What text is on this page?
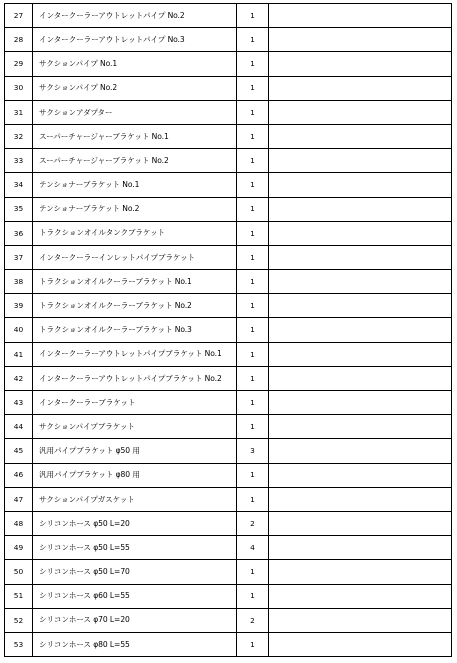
27	インタークーラーアウトレットパイプ No.2	1	
28	インタークーラーアウトレットパイプ No.3	1	
29	サクションパイプ No.1	1	
30	サクションパイプ No.2	1	
31	サクションアダプター	1	
32	スーパーチャージャーブラケット No.1	1	
33	スーパーチャージャーブラケット No.2	1	
34	テンショナーブラケット No.1	1	
35	テンショナーブラケット No.2	1	
36	トラクションオイルタンクブラケット	1	
37	インタークーラーインレットパイプブラケット	1	
38	トラクションオイルクーラーブラケット No.1	1	
39	トラクションオイルクーラーブラケット No.2	1	
40	トラクションオイルクーラーブラケット No.3	1	
41	インタークーラーアウトレットパイプブラケット No.1	1	
42	インタークーラーアウトレットパイプブラケット No.2	1	
43	インタークーラーブラケット	1	
44	サクションパイプブラケット	1	
45	汎用パイプブラケット φ50 用	3	
46	汎用パイプブラケット φ80 用	1	
47	サクションパイプガスケット	1	
48	シリコンホース φ50 L=20	2	
49	シリコンホース φ50 L=55	4	
50	シリコンホース φ50 L=70	1	
51	シリコンホース φ60 L=55	1	
52	シリコンホース φ70 L=20	2	
53	シリコンホース φ80 L=55	1	
